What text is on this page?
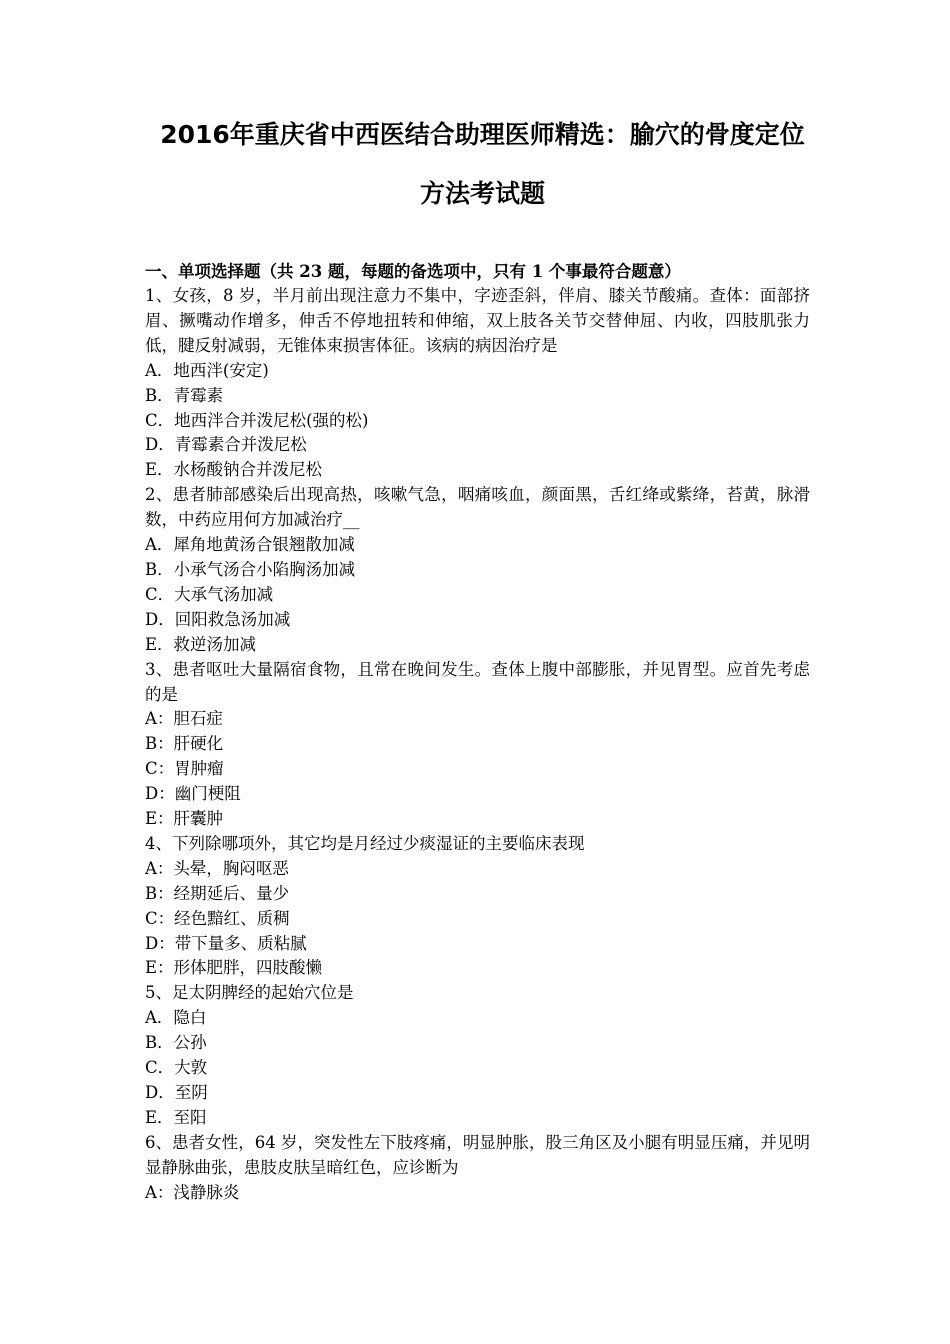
2016年重庆省中西医结合助理医师精选：腧穴的骨度定位
方法考试题
一、单项选择题（共 23 题，每题的备选项中，只有 1 个事最符合题意）

1、女孩，8 岁，半月前出现注意力不集中，字迹歪斜，伴肩、膝关节酸痛。查体：面部挤眉、撅嘴动作增多，伸舌不停地扭转和伸缩，双上肢各关节交替伸屈、内收，四肢肌张力低，腱反射减弱，无锥体束损害体征。该病的病因治疗是

A．地西泮(安定)

B．青霉素

C．地西泮合并泼尼松(强的松)

D．青霉素合并泼尼松

E．水杨酸钠合并泼尼松

2、患者肺部感染后出现高热，咳嗽气急，咽痛咳血，颜面黑，舌红绛或紫绛，苔黄，脉滑数，中药应用何方加减治疗__

A．犀角地黄汤合银翘散加减

B．小承气汤合小陷胸汤加减

C．大承气汤加减

D．回阳救急汤加减

E．救逆汤加减

3、患者呕吐大量隔宿食物，且常在晚间发生。查体上腹中部膨胀，并见胃型。应首先考虑的是

A：胆石症

B：肝硬化

C：胃肿瘤

D：幽门梗阻

E：肝囊肿

4、下列除哪项外，其它均是月经过少痰湿证的主要临床表现

A：头晕，胸闷呕恶

B：经期延后、量少

C：经色黯红、质稠

D：带下量多、质粘腻

E：形体肥胖，四肢酸懒

5、足太阴脾经的起始穴位是

A．隐白

B．公孙

C．大敦

D．至阴

E．至阳

6、患者女性，64 岁，突发性左下肢疼痛，明显肿胀，股三角区及小腿有明显压痛，并见明显静脉曲张，患肢皮肤呈暗红色，应诊断为

A：浅静脉炎
